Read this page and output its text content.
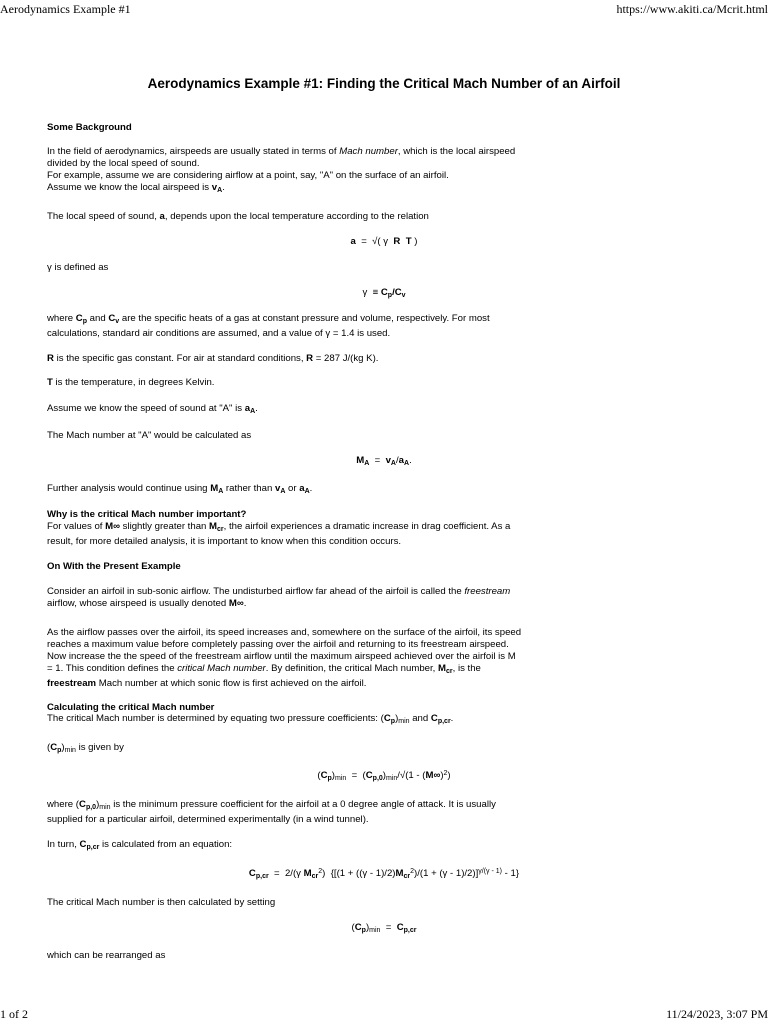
Aerodynamics Example #1	https://www.akiti.ca/Mcrit.html
Aerodynamics Example #1: Finding the Critical Mach Number of an Airfoil
Some Background
In the field of aerodynamics, airspeeds are usually stated in terms of Mach number, which is the local airspeed
divided by the local speed of sound.
For example, assume we are considering airflow at a point, say, "A" on the surface of an airfoil.
Assume we know the local airspeed is $v_A$.
The local speed of sound, a, depends upon the local temperature according to the relation
a  =  √( γ  R T )
γ is defined as
$\gamma \equiv C_p/C_v$
where $C_p$ and $C_v$ are the specific heats of a gas at constant pressure and volume, respectively. For most
calculations, standard air conditions are assumed, and a value of γ = 1.4 is used.
R is the specific gas constant. For air at standard conditions, R = 287 J/(kg K).
T is the temperature, in degrees Kelvin.
Assume we know the speed of sound at "A" is $a_A$.
The Mach number at "A" would be calculated as
$M_A = v_A/a_A$.
Further analysis would continue using $M_A$ rather than $v_A$ or $a_A$.
Why is the critical Mach number important?
For values of M∞ slightly greater than $M_{cr}$, the airfoil experiences a dramatic increase in drag coefficient. As a
result, for more detailed analysis, it is important to know when this condition occurs.
On With the Present Example
Consider an airfoil in sub-sonic airflow. The undisturbed airflow far ahead of the airfoil is called the freestream
airflow, whose airspeed is usually denoted M∞.
As the airflow passes over the airfoil, its speed increases and, somewhere on the surface of the airfoil, its speed
reaches a maximum value before completely passing over the airfoil and returning to its freestream airspeed.
Now increase the the speed of the freestream airflow until the maximum airspeed achieved over the airfoil is M
= 1. This condition defines the critical Mach number. By definition, the critical Mach number, $M_{cr}$, is the
freestream Mach number at which sonic flow is first achieved on the airfoil.
Calculating the critical Mach number
The critical Mach number is determined by equating two pressure coefficients: $(C_p)_{min}$ and $C_{p,cr}$.
$(C_p)_{min}$ is given by
$(C_p)_{min} = (C_{p,0})_{min}/√(1 - (M\infty)^2)$
where $(C_{p,0})_{min}$ is the minimum pressure coefficient for the airfoil at a 0 degree angle of attack. It is usually
supplied for a particular airfoil, determined experimentally (in a wind tunnel).
In turn, $C_{p,cr}$ is calculated from an equation:
$C_{p,cr} = 2/(\gamma$ $M_{cr}^2$)  $\{[(1 + ((\gamma - 1)/2)M_{cr}^2)/(1 + (\gamma - 1)/2)]^{\gamma/(\gamma - 1)} - 1\}$
The critical Mach number is then calculated by setting
$(C_p)_{min} = C_{p,cr}$
which can be rearranged as
1 of 2	11/24/2023, 3:07 PM
